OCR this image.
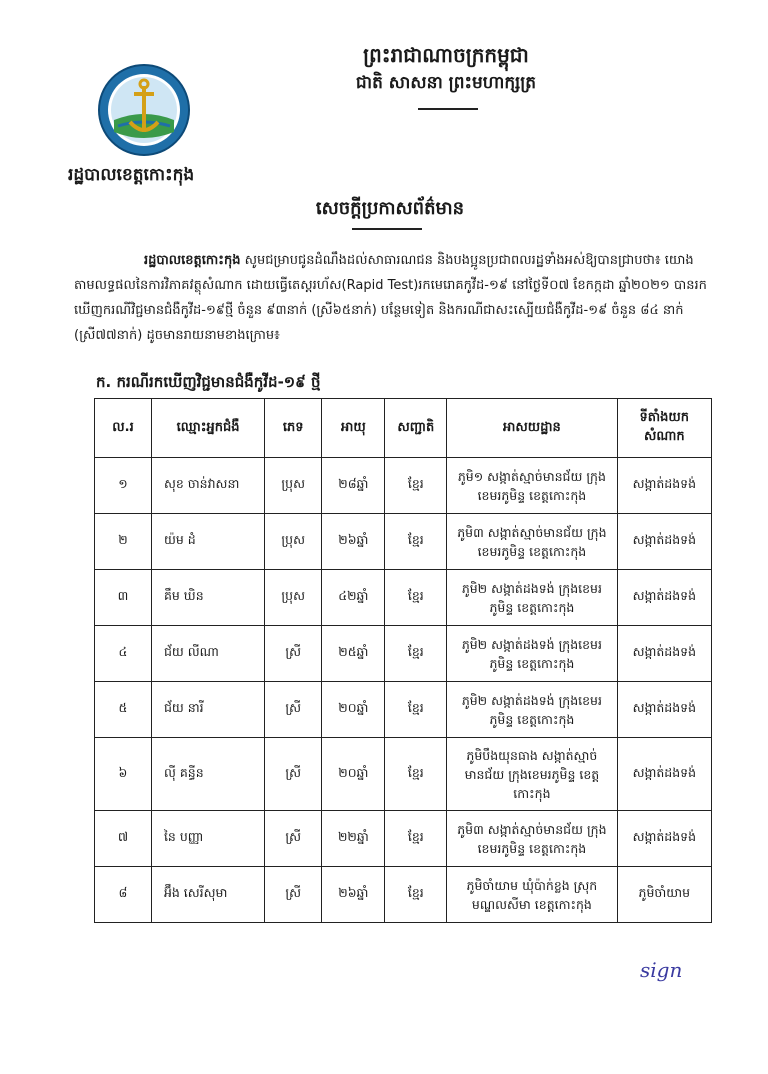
រដ្ឋបាលខេត្តកោះកុង
ព្រះរាជាណាចក្រកម្ពុជា
ជាតិ សាសនា ព្រះមហាក្សត្រ
សេចក្តីប្រកាសព័ត៌មាន
រដ្ឋបាលខេត្តកោះកុង សូមជម្រាបជូនដំណឹងដល់សាធារណជន និងបងប្អូនប្រជាពលរដ្ឋទាំងអស់ឱ្យបានជ្រាបថា៖ យោងតាមលទ្ធផលនៃការវិភាគវត្ថុសំណាក ដោយធ្វើតេស្តរហ័ស(Rapid Test)រកមេរោគកូវីដ-១៩ នៅថ្ងៃទី០៧ ខែកក្កដា ឆ្នាំ២០២១ បានរកឃើញករណីវិជ្ជមានជំងឺកូវីដ-១៩ថ្មី ចំនួន ៩៣នាក់ (ស្រី៦៥នាក់) បន្ថែមទៀត និងករណីជាសះស្បើយជំងឺកូវីដ-១៩ ចំនួន ៨៤ នាក់ (ស្រី៧៧នាក់) ដូចមានរាយនាមខាងក្រោម៖
ក. ករណីរកឃើញវិជ្ជមានជំងឺកូវីដ-១៩ ថ្មី
ល.រ	ឈ្មោះអ្នកជំងឺ	ភេទ	អាយុ	សញ្ជាតិ	អាសយដ្ឋាន	ទីតាំងយកសំណាក
១	សុខ ចាន់វាសនា	ប្រុស	២៨ឆ្នាំ	ខ្មែរ	ភូមិ១ សង្កាត់ស្មាច់មានជ័យ ក្រុងខេមរភូមិន្ទ ខេត្តកោះកុង	សង្កាត់ដងទង់
២	យ៉ម ដំ	ប្រុស	២៦ឆ្នាំ	ខ្មែរ	ភូមិ៣ សង្កាត់ស្មាច់មានជ័យ ក្រុងខេមរភូមិន្ទ ខេត្តកោះកុង	សង្កាត់ដងទង់
៣	គឹម ឃិន	ប្រុស	៤២ឆ្នាំ	ខ្មែរ	ភូមិ២ សង្កាត់ដងទង់ ក្រុងខេមរភូមិន្ទ ខេត្តកោះកុង	សង្កាត់ដងទង់
៤	ជ័យ លីណា	ស្រី	២៥ឆ្នាំ	ខ្មែរ	ភូមិ២ សង្កាត់ដងទង់ ក្រុងខេមរភូមិន្ទ ខេត្តកោះកុង	សង្កាត់ដងទង់
៥	ជ័យ នារី	ស្រី	២០ឆ្នាំ	ខ្មែរ	ភូមិ២ សង្កាត់ដងទង់ ក្រុងខេមរភូមិន្ទ ខេត្តកោះកុង	សង្កាត់ដងទង់
៦	ល៉ី គន្ធីន	ស្រី	២០ឆ្នាំ	ខ្មែរ	ភូមិបឹងយុនធាង សង្កាត់ស្មាច់មានជ័យ ក្រុងខេមរភូមិន្ទ ខេត្តកោះកុង	សង្កាត់ដងទង់
៧	នៃ បញ្ញា	ស្រី	២២ឆ្នាំ	ខ្មែរ	ភូមិ៣ សង្កាត់ស្មាច់មានជ័យ ក្រុងខេមរភូមិន្ទ ខេត្តកោះកុង	សង្កាត់ដងទង់
៨	អ៊ឹង សេរីសុមា	ស្រី	២៦ឆ្នាំ	ខ្មែរ	ភូមិចាំយាម ឃុំប៉ាក់ខ្លង ស្រុកមណ្ឌលសីមា ខេត្តកោះកុង	ភូមិចាំយាម
sign
